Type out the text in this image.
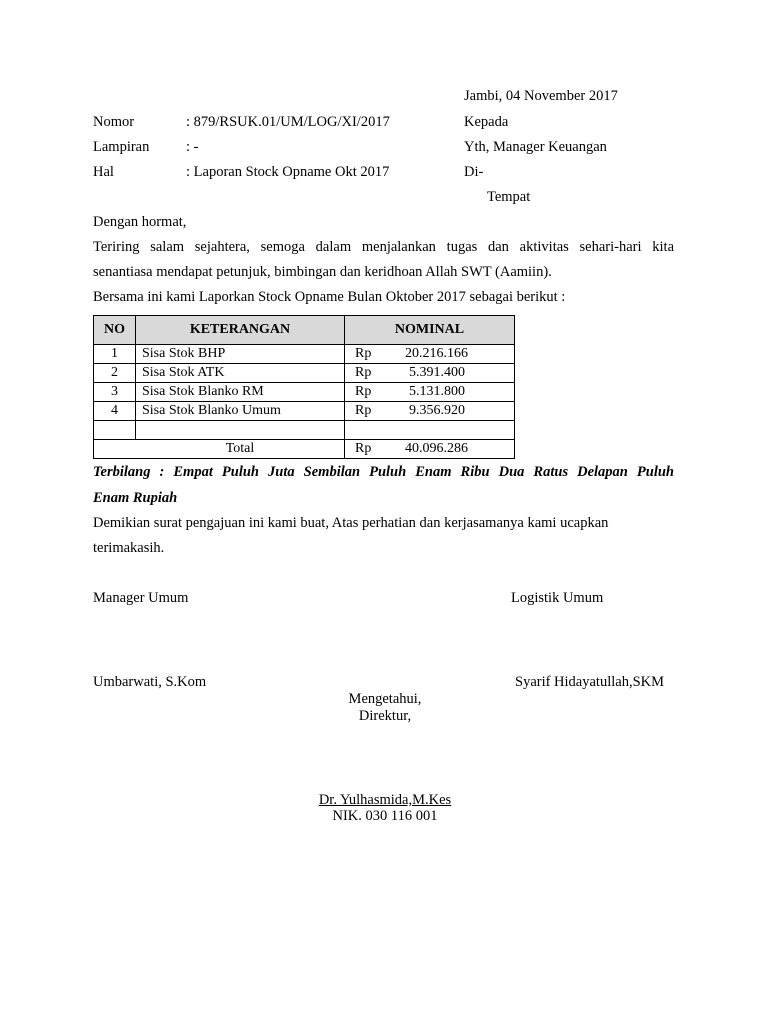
Jambi, 04 November 2017
Nomor	: 879/RSUK.01/UM/LOG/XI/2017
Lampiran	: -
Hal	: Laporan Stock Opname Okt 2017
Kepada
Yth, Manager Keuangan
Di-
Tempat
Dengan hormat,
Teriring salam sejahtera, semoga dalam menjalankan tugas dan aktivitas sehari-hari kita
senantiasa mendapat petunjuk, bimbingan dan keridhoan Allah SWT (Aamiin).
Bersama ini kami Laporkan Stock Opname Bulan Oktober 2017 sebagai berikut :
NO	KETERANGAN	NOMINAL
1	Sisa Stok BHP	Rp 20.216.166
2	Sisa Stok ATK	Rp 5.391.400
3	Sisa Stok Blanko RM	Rp 5.131.800
4	Sisa Stok Blanko Umum	Rp 9.356.920

Total		Rp 40.096.286
Terbilang : Empat Puluh Juta Sembilan Puluh Enam Ribu Dua Ratus Delapan Puluh
Enam Rupiah
Demikian surat pengajuan ini kami buat, Atas perhatian dan kerjasamanya kami ucapkan
terimakasih.
Manager Umum	Logistik Umum
Umbarwati, S.Kom	Syarif Hidayatullah,SKM
Mengetahui,
Direktur,
Dr. Yulhasmida,M.Kes
NIK. 030 116 001
